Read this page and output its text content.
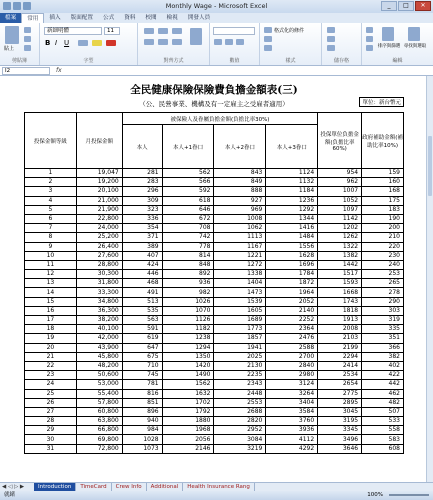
Monthly Wage - Microsoft Excel	_	□	✕
檔案	常用	插入	版面配置	公式	資料	校閱	檢視	開發人員
貼上
剪貼簿
新細明體	11
B I U
字型	對齊方式	數值
格式化的條件
樣式	儲存格
排序與篩選 尋找與選取
編輯
I2	fx
全民健康保險保險費負擔金額表(三)
（公、民營事業、機構及有一定雇主之受雇者適用）	單位：新台幣元
投保金額等級	月投保金額	被保險人及眷屬負擔金額(負擔比率30%)				投保單位負擔金額(負擔比率60%)	政府補助金額(補助比率10%)
		本人	本人+1眷口	本人+2眷口	本人+3眷口		
1	19,047	281	562	843	1124	954	159
2	19,200	283	566	849	1132	962	160
3	20,100	296	592	888	1184	1007	168
4	21,000	309	618	927	1236	1052	175
5	21,900	323	646	969	1292	1097	183
6	22,800	336	672	1008	1344	1142	190
7	24,000	354	708	1062	1416	1202	200
8	25,200	371	742	1113	1484	1262	210
9	26,400	389	778	1167	1556	1322	220
10	27,600	407	814	1221	1628	1382	230
11	28,800	424	848	1272	1696	1442	240
12	30,300	446	892	1338	1784	1517	253
13	31,800	468	936	1404	1872	1593	265
14	33,300	491	982	1473	1964	1668	278
15	34,800	513	1026	1539	2052	1743	290
16	36,300	535	1070	1605	2140	1818	303
17	38,200	563	1126	1689	2252	1913	319
18	40,100	591	1182	1773	2364	2008	335
19	42,000	619	1238	1857	2476	2103	351
20	43,900	647	1294	1941	2588	2199	366
21	45,800	675	1350	2025	2700	2294	382
22	48,200	710	1420	2130	2840	2414	402
23	50,600	745	1490	2235	2980	2534	422
24	53,000	781	1562	2343	3124	2654	442
25	55,400	816	1632	2448	3264	2775	462
26	57,800	851	1702	2553	3404	2895	482
27	60,800	896	1792	2688	3584	3045	507
28	63,800	940	1880	2820	3760	3195	533
29	66,800	984	1968	2952	3936	3345	558
30	69,800	1028	2056	3084	4112	3496	583
31	72,800	1073	2146	3219	4292	3646	608
◀ ◁ ▷ ▶	Introduction	TimeCard	Crew Info	Additional	Health Insurance Rang
就緒	100%
